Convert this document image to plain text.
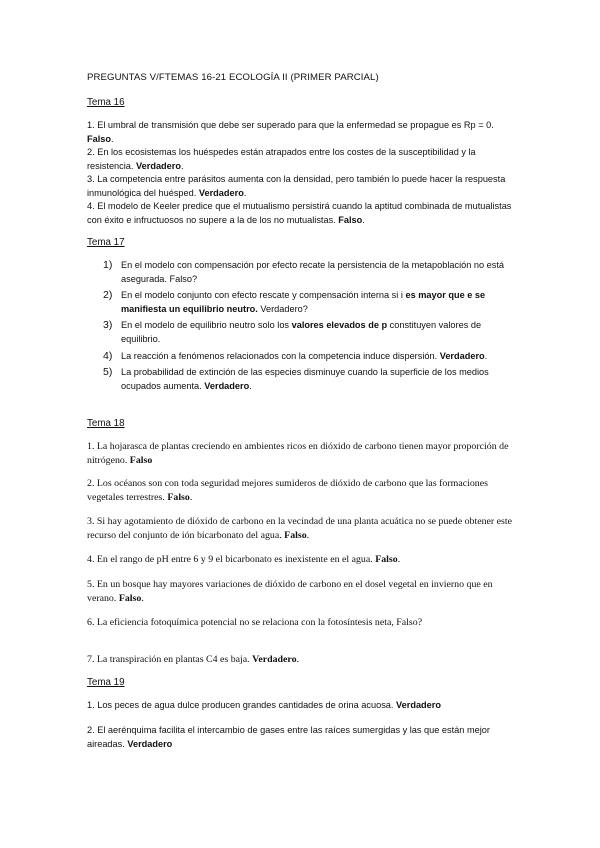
PREGUNTAS V/FTEMAS 16-21 ECOLOGÍA II (PRIMER PARCIAL)
Tema 16
1. El umbral de transmisión que debe ser superado para que la enfermedad se propague es Rp = 0. Falso.
2. En los ecosistemas los huéspedes están atrapados entre los costes de la susceptibilidad y la resistencia. Verdadero.
3. La competencia entre parásitos aumenta con la densidad, pero también lo puede hacer la respuesta inmunológica del huésped. Verdadero.
4. El modelo de Keeler predice que el mutualismo persistirá cuando la aptitud combinada de mutualistas con éxito e infructuosos no supere a la de los no mutualistas. Falso.
Tema 17
1) En el modelo con compensación por efecto recate la persistencia de la metapoblación no está asegurada. Falso?
2) En el modelo conjunto con efecto rescate y compensación interna si i es mayor que e se manifiesta un equilibrio neutro. Verdadero?
3) En el modelo de equilibrio neutro solo los valores elevados de p constituyen valores de equilibrio.
4) La reacción a fenómenos relacionados con la competencia induce dispersión. Verdadero.
5) La probabilidad de extinción de las especies disminuye cuando la superficie de los medios ocupados aumenta. Verdadero.
Tema 18
1. La hojarasca de plantas creciendo en ambientes ricos en dióxido de carbono tienen mayor proporción de nitrógeno. Falso
2. Los océanos son con toda seguridad mejores sumideros de dióxido de carbono que las formaciones vegetales terrestres. Falso.
3. Si hay agotamiento de dióxido de carbono en la vecindad de una planta acuática no se puede obtener este recurso del conjunto de ión bicarbonato del agua. Falso.
4. En el rango de pH entre 6 y 9 el bicarbonato es inexistente en el agua. Falso.
5. En un bosque hay mayores variaciones de dióxido de carbono en el dosel vegetal en invierno que en verano. Falso.
6. La eficiencia fotoquímica potencial no se relaciona con la fotosíntesis neta, Falso?
7. La transpiración en plantas C4 es baja. Verdadero.
Tema 19
1. Los peces de agua dulce producen grandes cantidades de orina acuosa. Verdadero
2. El aerénquima facilita el intercambio de gases entre las raíces sumergidas y las que están mejor aireadas. Verdadero
